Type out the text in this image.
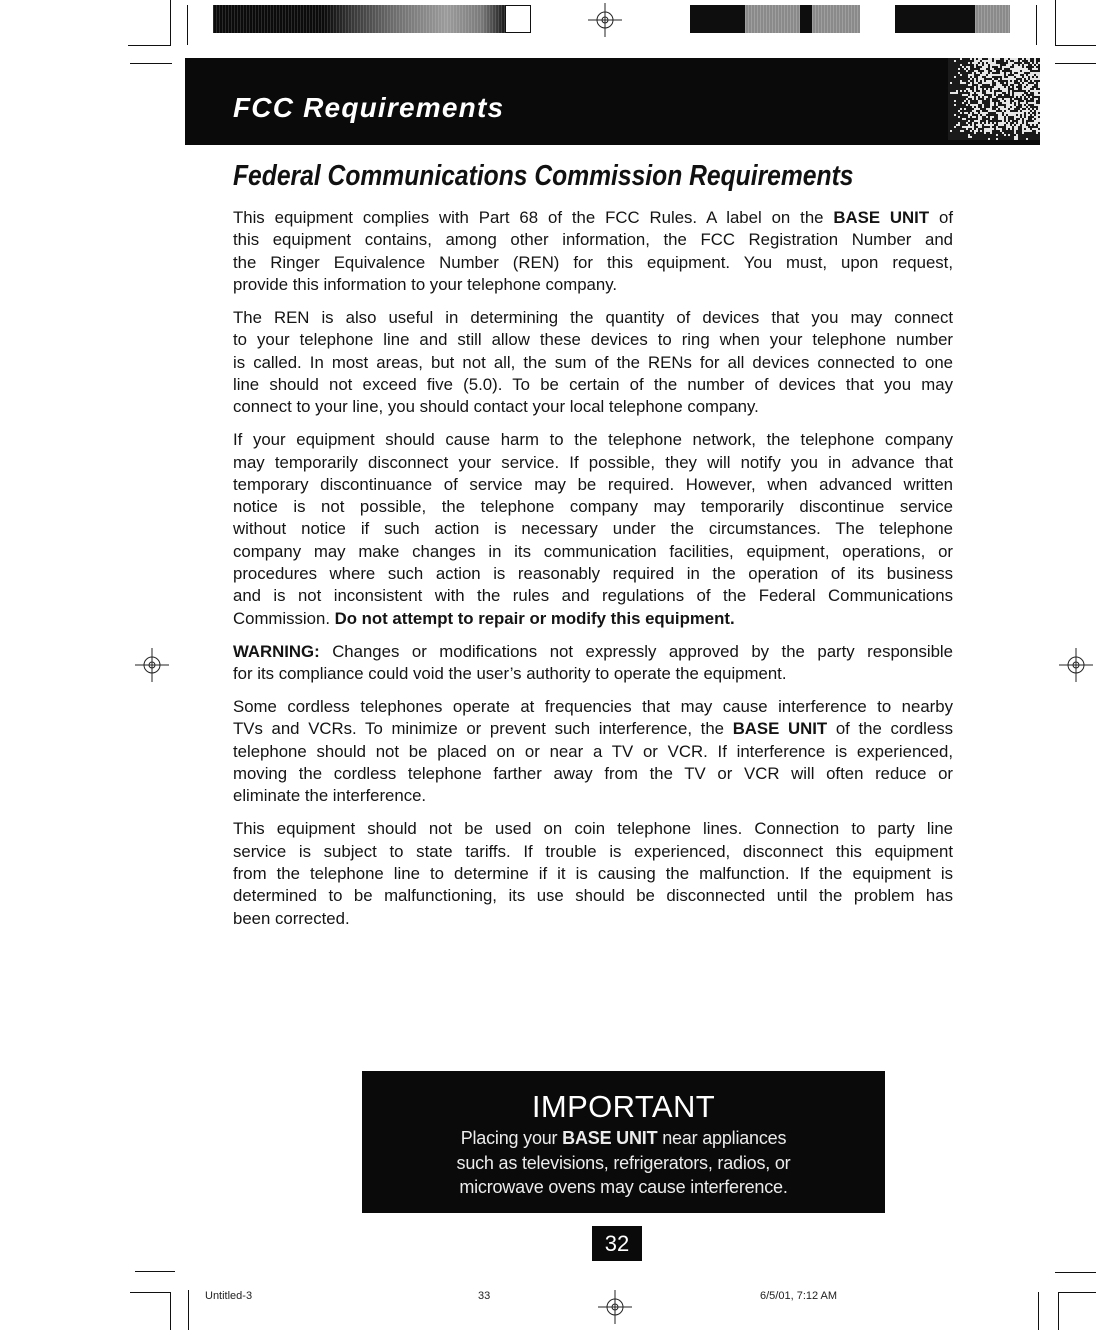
FCC Requirements
Federal Communications Commission Requirements
This equipment complies with Part 68 of the FCC Rules. A label on the BASE UNIT of
this equipment contains, among other information, the FCC Registration Number and
the Ringer Equivalence Number (REN) for this equipment. You must, upon request,
provide this information to your telephone company.
The REN is also useful in determining the quantity of devices that you may connect
to your telephone line and still allow these devices to ring when your telephone number
is called. In most areas, but not all, the sum of the RENs for all devices connected to one
line should not exceed five (5.0). To be certain of the number of devices that you may
connect to your line, you should contact your local telephone company.
If your equipment should cause harm to the telephone network, the telephone company
may temporarily disconnect your service. If possible, they will notify you in advance that
temporary discontinuance of service may be required. However, when advanced written
notice is not possible, the telephone company may temporarily discontinue service
without notice if such action is necessary under the circumstances. The telephone
company may make changes in its communication facilities, equipment, operations, or
procedures where such action is reasonably required in the operation of its business
and is not inconsistent with the rules and regulations of the Federal Communications
Commission. Do not attempt to repair or modify this equipment.
WARNING: Changes or modifications not expressly approved by the party responsible
for its compliance could void the user’s authority to operate the equipment.
Some cordless telephones operate at frequencies that may cause interference to nearby
TVs and VCRs. To minimize or prevent such interference, the BASE UNIT of the cordless
telephone should not be placed on or near a TV or VCR. If interference is experienced,
moving the cordless telephone farther away from the TV or VCR will often reduce or
eliminate the interference.
This equipment should not be used on coin telephone lines. Connection to party line
service is subject to state tariffs. If trouble is experienced, disconnect this equipment
from the telephone line to determine if it is causing the malfunction. If the equipment is
determined to be malfunctioning, its use should be disconnected until the problem has
been corrected.
IMPORTANT
Placing your BASE UNIT near appliances
such as televisions, refrigerators, radios, or
microwave ovens may cause interference.
32
Untitled-3	33	6/5/01, 7:12 AM
